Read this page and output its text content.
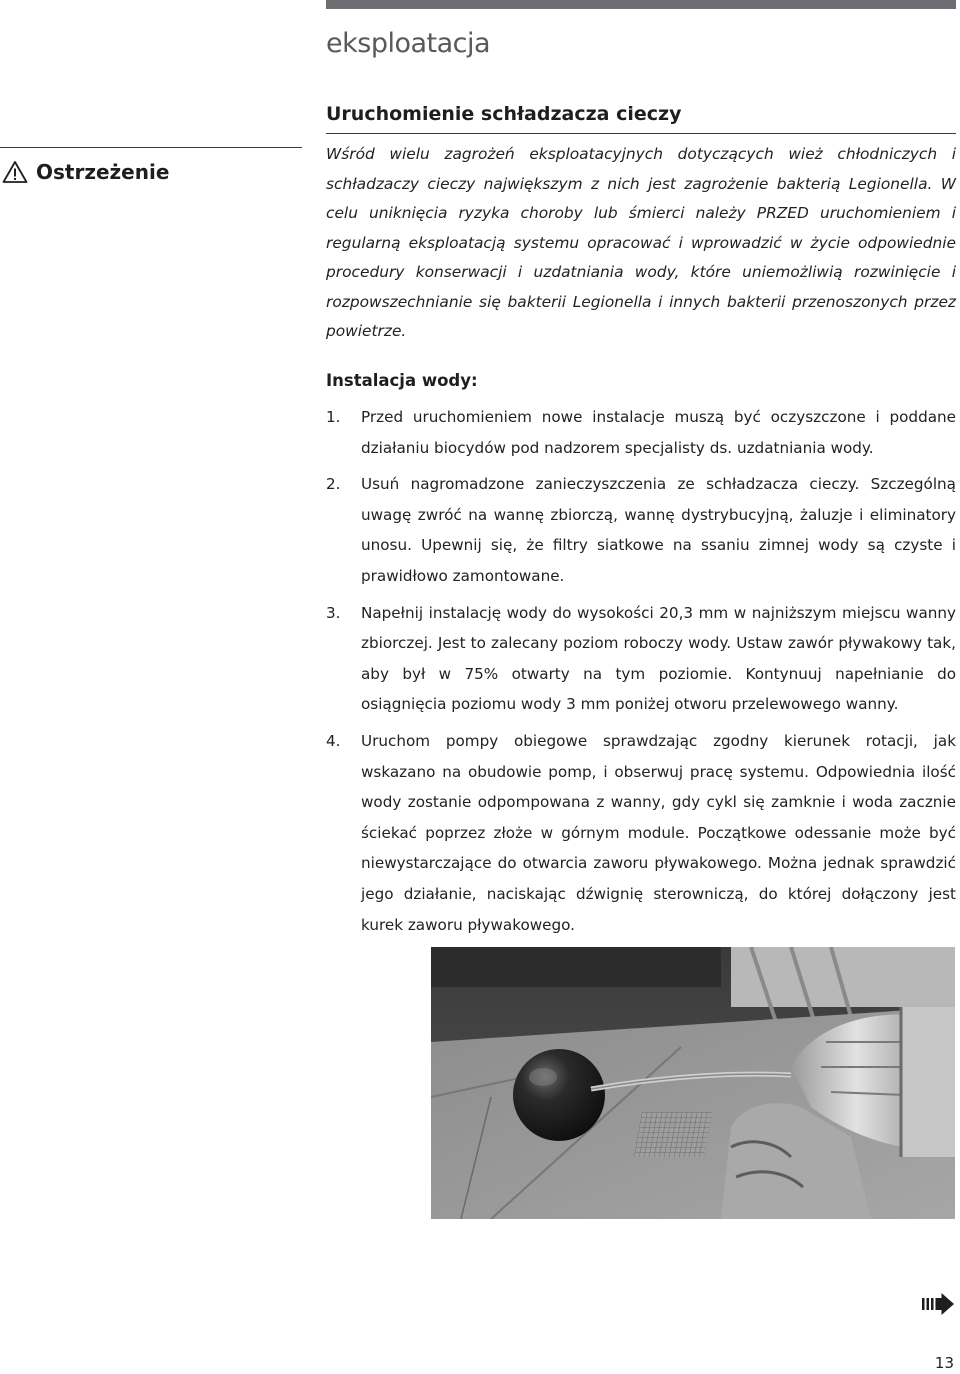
eksploatacja
Uruchomienie schładzacza cieczy
Ostrzeżenie

Wśród wielu zagrożeń eksploatacyjnych dotyczących wież chłodniczych i schładzaczy cieczy największym z nich jest zagrożenie bakterią Legionella. W celu uniknięcia ryzyka choroby lub śmierci należy PRZED uruchomieniem i regularną eksploatacją systemu opracować i wprowadzić w życie odpowiednie procedury konserwacji i uzdatniania wody, które uniemożliwią rozwinięcie i rozpowszechnianie się bakterii Legionella i innych bakterii przenoszonych przez powietrze.

Instalacja wody:
1. Przed uruchomieniem nowe instalacje muszą być oczyszczone i poddane działaniu biocydów pod nadzorem specjalisty ds. uzdatniania wody.
2. Usuń nagromadzone zanieczyszczenia ze schładzacza cieczy. Szczególną uwagę zwróć na wannę zbiorczą, wannę dystrybucyjną, żaluzje i eliminatory unosu. Upewnij się, że filtry siatkowe na ssaniu zimnej wody są czyste i prawidłowo zamontowane.
3. Napełnij instalację wody do wysokości 20,3 mm w najniższym miejscu wanny zbiorczej. Jest to zalecany poziom roboczy wody. Ustaw zawór pływakowy tak, aby był w 75% otwarty na tym poziomie. Kontynuuj napełnianie do osiągnięcia poziomu wody 3 mm poniżej otworu przelewowego wanny.
4. Uruchom pompy obiegowe sprawdzając zgodny kierunek rotacji, jak wskazano na obudowie pomp, i obserwuj pracę systemu. Odpowiednia ilość wody zostanie odpompowana z wanny, gdy cykl się zamknie i woda zacznie ściekać poprzez złoże w górnym module. Początkowe odessanie może być niewystarczające do otwarcia zaworu pływakowego. Można jednak sprawdzić jego działanie, naciskając dźwignię sterowniczą, do której dołączony jest kurek zaworu pływakowego.
13
